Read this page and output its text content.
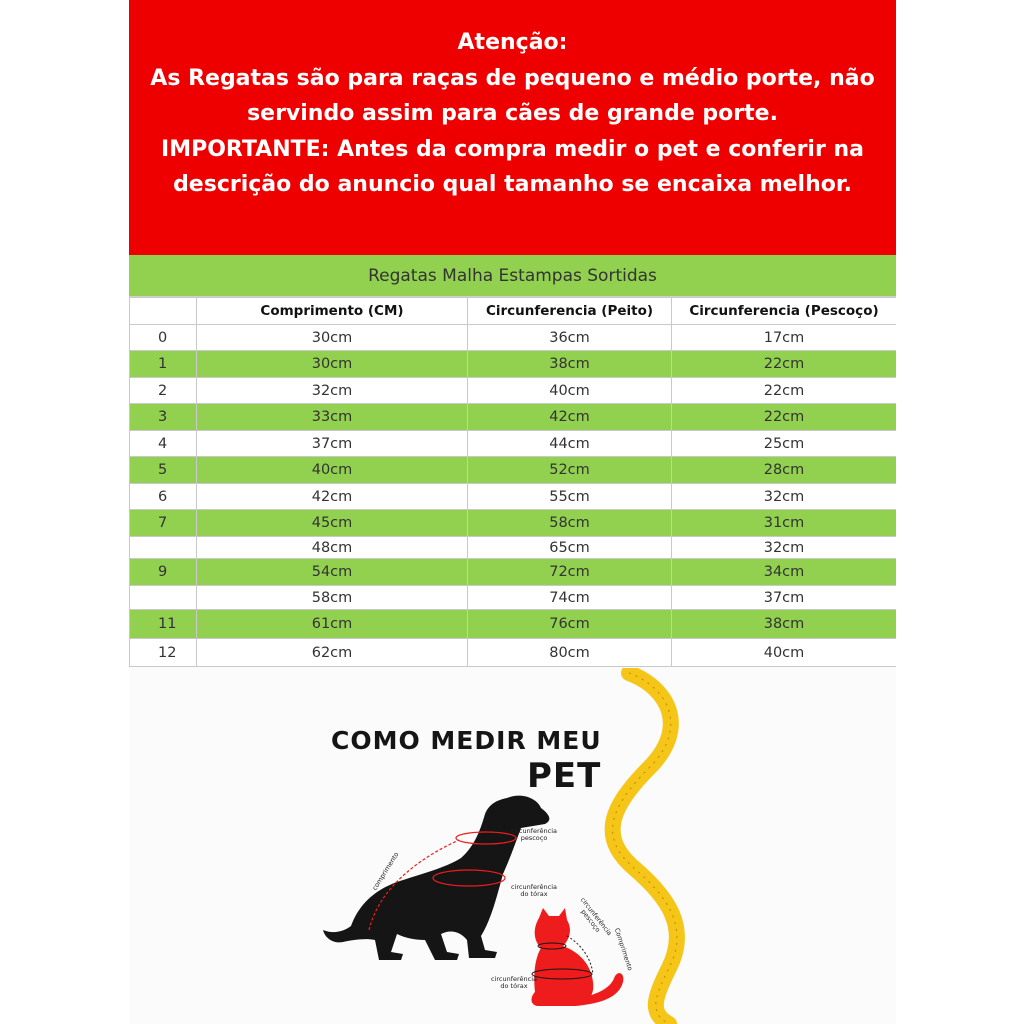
Atenção:
As Regatas são para raças de pequeno e médio porte, não
servindo assim para cães de grande porte.
IMPORTANTE: Antes da compra medir o pet e conferir na
descrição do anuncio qual tamanho se encaixa melhor.
Regatas Malha Estampas Sortidas
	Comprimento (CM)	Circunferencia (Peito)	Circunferencia (Pescoço)
0	30cm	36cm	17cm
1	30cm	38cm	22cm
2	32cm	40cm	22cm
3	33cm	42cm	22cm
4	37cm	44cm	25cm
5	40cm	52cm	28cm
6	42cm	55cm	32cm
7	45cm	58cm	31cm
	48cm	65cm	32cm
9	54cm	72cm	34cm
	58cm	74cm	37cm
11	61cm	76cm	38cm
12	62cm	80cm	40cm
COMO MEDIR MEU
PET
circunferência pescoço
circunferência do tórax
comprimento
circunferência pescoço
Comprimento
circunferência do tórax
